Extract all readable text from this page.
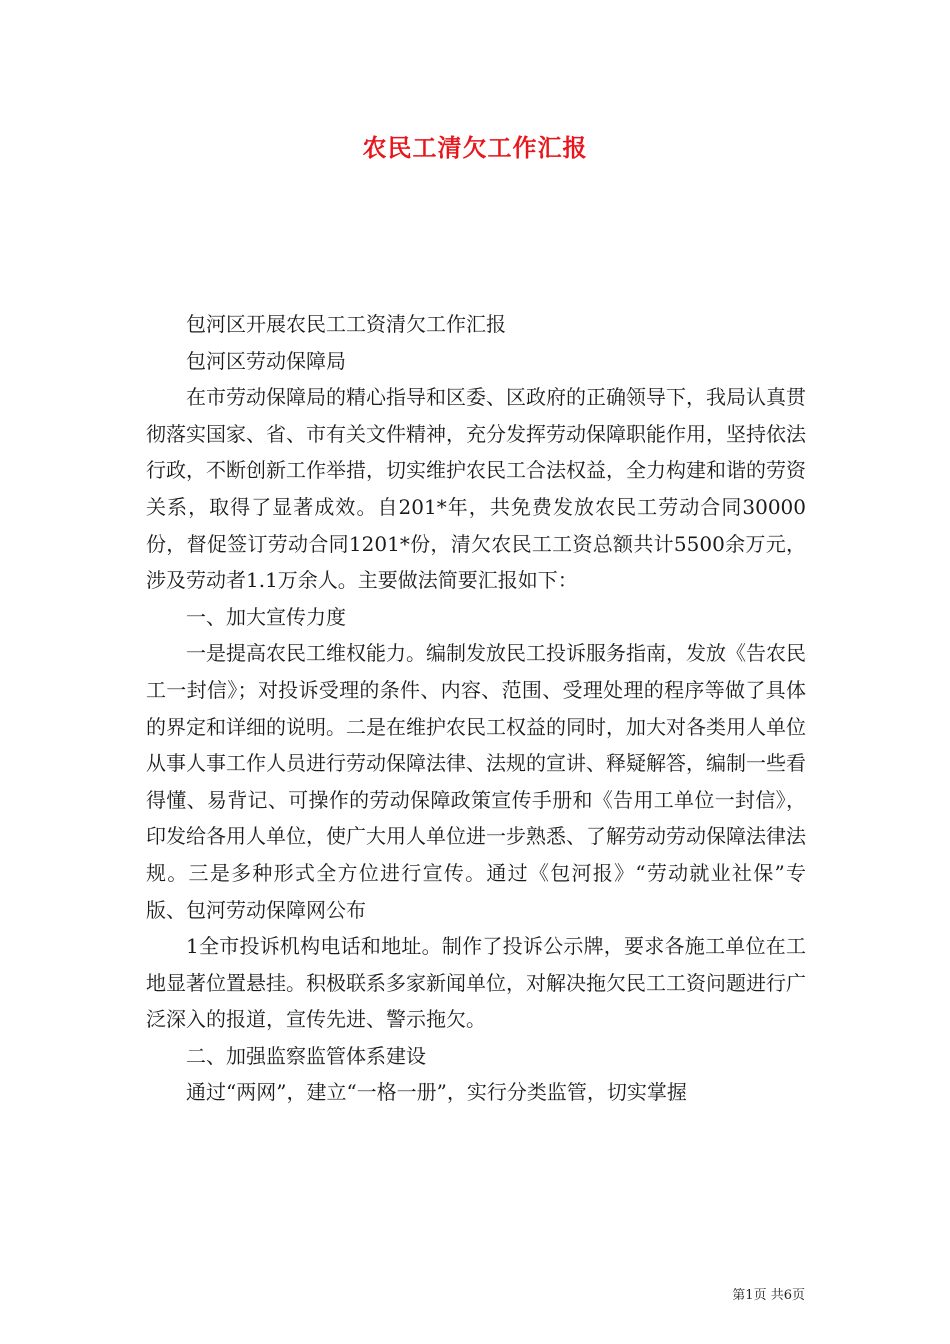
农民工清欠工作汇报

包河区开展农民工工资清欠工作汇报

包河区劳动保障局

在市劳动保障局的精心指导和区委、区政府的正确领导下，我局认真贯彻落实国家、省、市有关文件精神，充分发挥劳动保障职能作用，坚持依法行政，不断创新工作举措，切实维护农民工合法权益，全力构建和谐的劳资关系，取得了显著成效。自201*年，共免费发放农民工劳动合同30000份，督促签订劳动合同1201*份，清欠农民工工资总额共计5500余万元，涉及劳动者1.1万余人。主要做法简要汇报如下：

一、加大宣传力度

一是提高农民工维权能力。编制发放民工投诉服务指南，发放《告农民工一封信》；对投诉受理的条件、内容、范围、受理处理的程序等做了具体的界定和详细的说明。二是在维护农民工权益的同时，加大对各类用人单位从事人事工作人员进行劳动保障法律、法规的宣讲、释疑解答，编制一些看得懂、易背记、可操作的劳动保障政策宣传手册和《告用工单位一封信》，印发给各用人单位，使广大用人单位进一步熟悉、了解劳动劳动保障法律法规。三是多种形式全方位进行宣传。通过《包河报》“劳动就业社保”专版、包河劳动保障网公布

1全市投诉机构电话和地址。制作了投诉公示牌，要求各施工单位在工地显著位置悬挂。积极联系多家新闻单位，对解决拖欠民工工资问题进行广泛深入的报道，宣传先进、警示拖欠。

二、加强监察监管体系建设

通过“两网”，建立“一格一册”，实行分类监管，切实掌握

第1页 共6页
